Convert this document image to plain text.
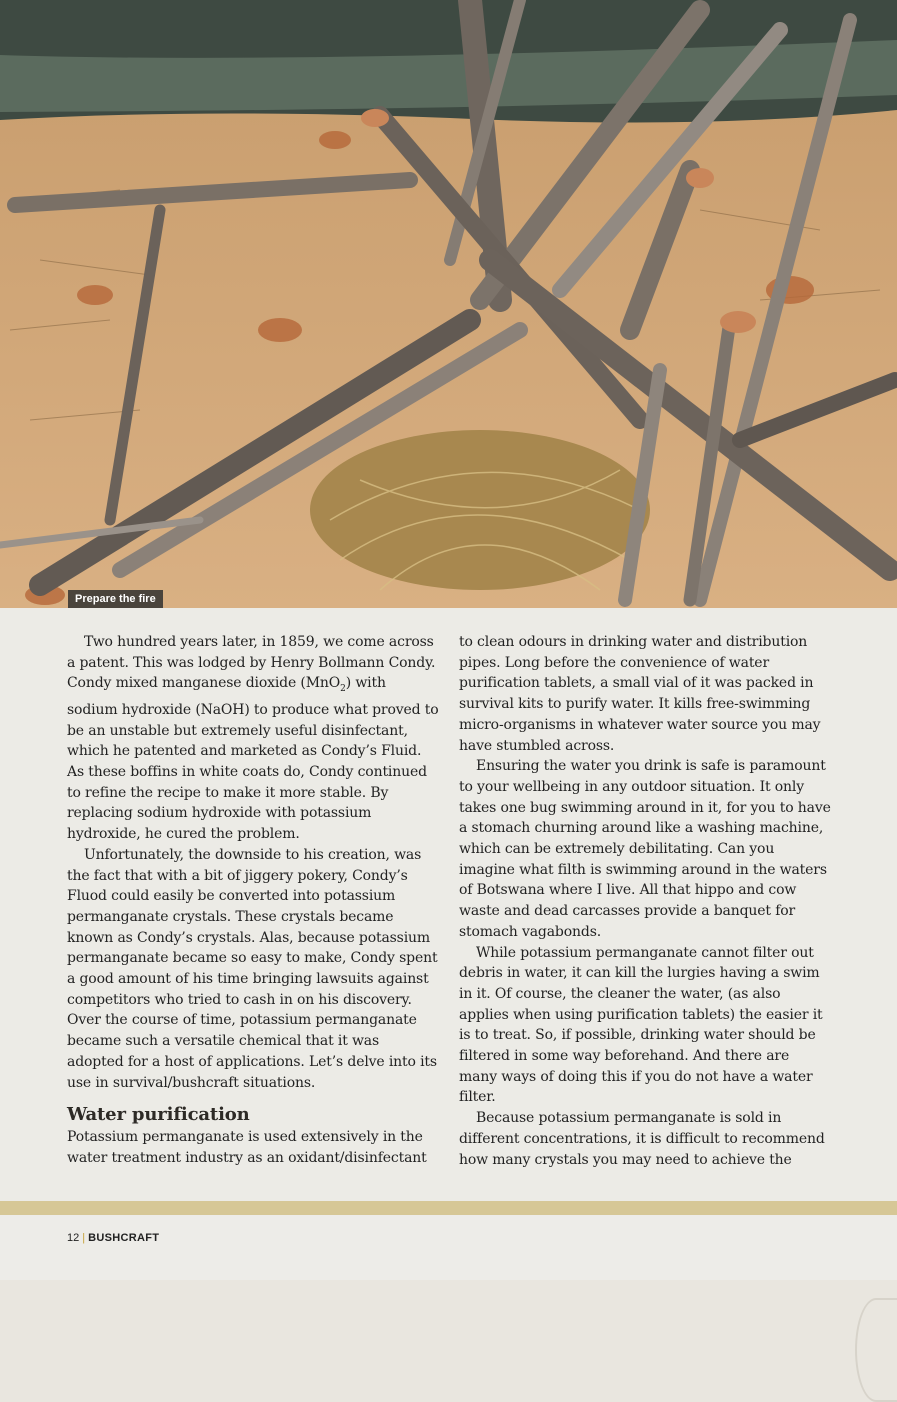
Prepare the fire

Two hundred years later, in 1859, we come across a patent. This was lodged by Henry Bollmann Condy. Condy mixed manganese dioxide (MnO$_2$) with sodium hydroxide (NaOH) to produce what proved to be an unstable but extremely useful disinfectant, which he patented and marketed as Condy’s Fluid. As these boffins in white coats do, Condy continued to refine the recipe to make it more stable. By replacing sodium hydroxide with potassium hydroxide, he cured the problem.

Unfortunately, the downside to his creation, was the fact that with a bit of jiggery pokery, Condy’s Fluod could easily be converted into potassium permanganate crystals. These crystals became known as Condy’s crystals. Alas, because potassium permanganate became so easy to make, Condy spent a good amount of his time bringing lawsuits against competitors who tried to cash in on his discovery. Over the course of time, potassium permanganate became such a versatile chemical that it was adopted for a host of applications. Let’s delve into its use in survival/bushcraft situations.

Water purification

Potassium permanganate is used extensively in the water treatment industry as an oxidant/disinfectant

to clean odours in drinking water and distribution pipes. Long before the convenience of water purification tablets, a small vial of it was packed in survival kits to purify water. It kills free-swimming micro-organisms in whatever water source you may have stumbled across.

Ensuring the water you drink is safe is paramount to your wellbeing in any outdoor situation. It only takes one bug swimming around in it, for you to have a stomach churning around like a washing machine, which can be extremely debilitating. Can you imagine what filth is swimming around in the waters of Botswana where I live. All that hippo and cow waste and dead carcasses provide a banquet for stomach vagabonds.

While potassium permanganate cannot filter out debris in water, it can kill the lurgies having a swim in it. Of course, the cleaner the water, (as also applies when using purification tablets) the easier it is to treat. So, if possible, drinking water should be filtered in some way beforehand. And there are many ways of doing this if you do not have a water filter.

Because potassium permanganate is sold in different concentrations, it is difficult to recommend how many crystals you may need to achieve the

12 | BUSHCRAFT
